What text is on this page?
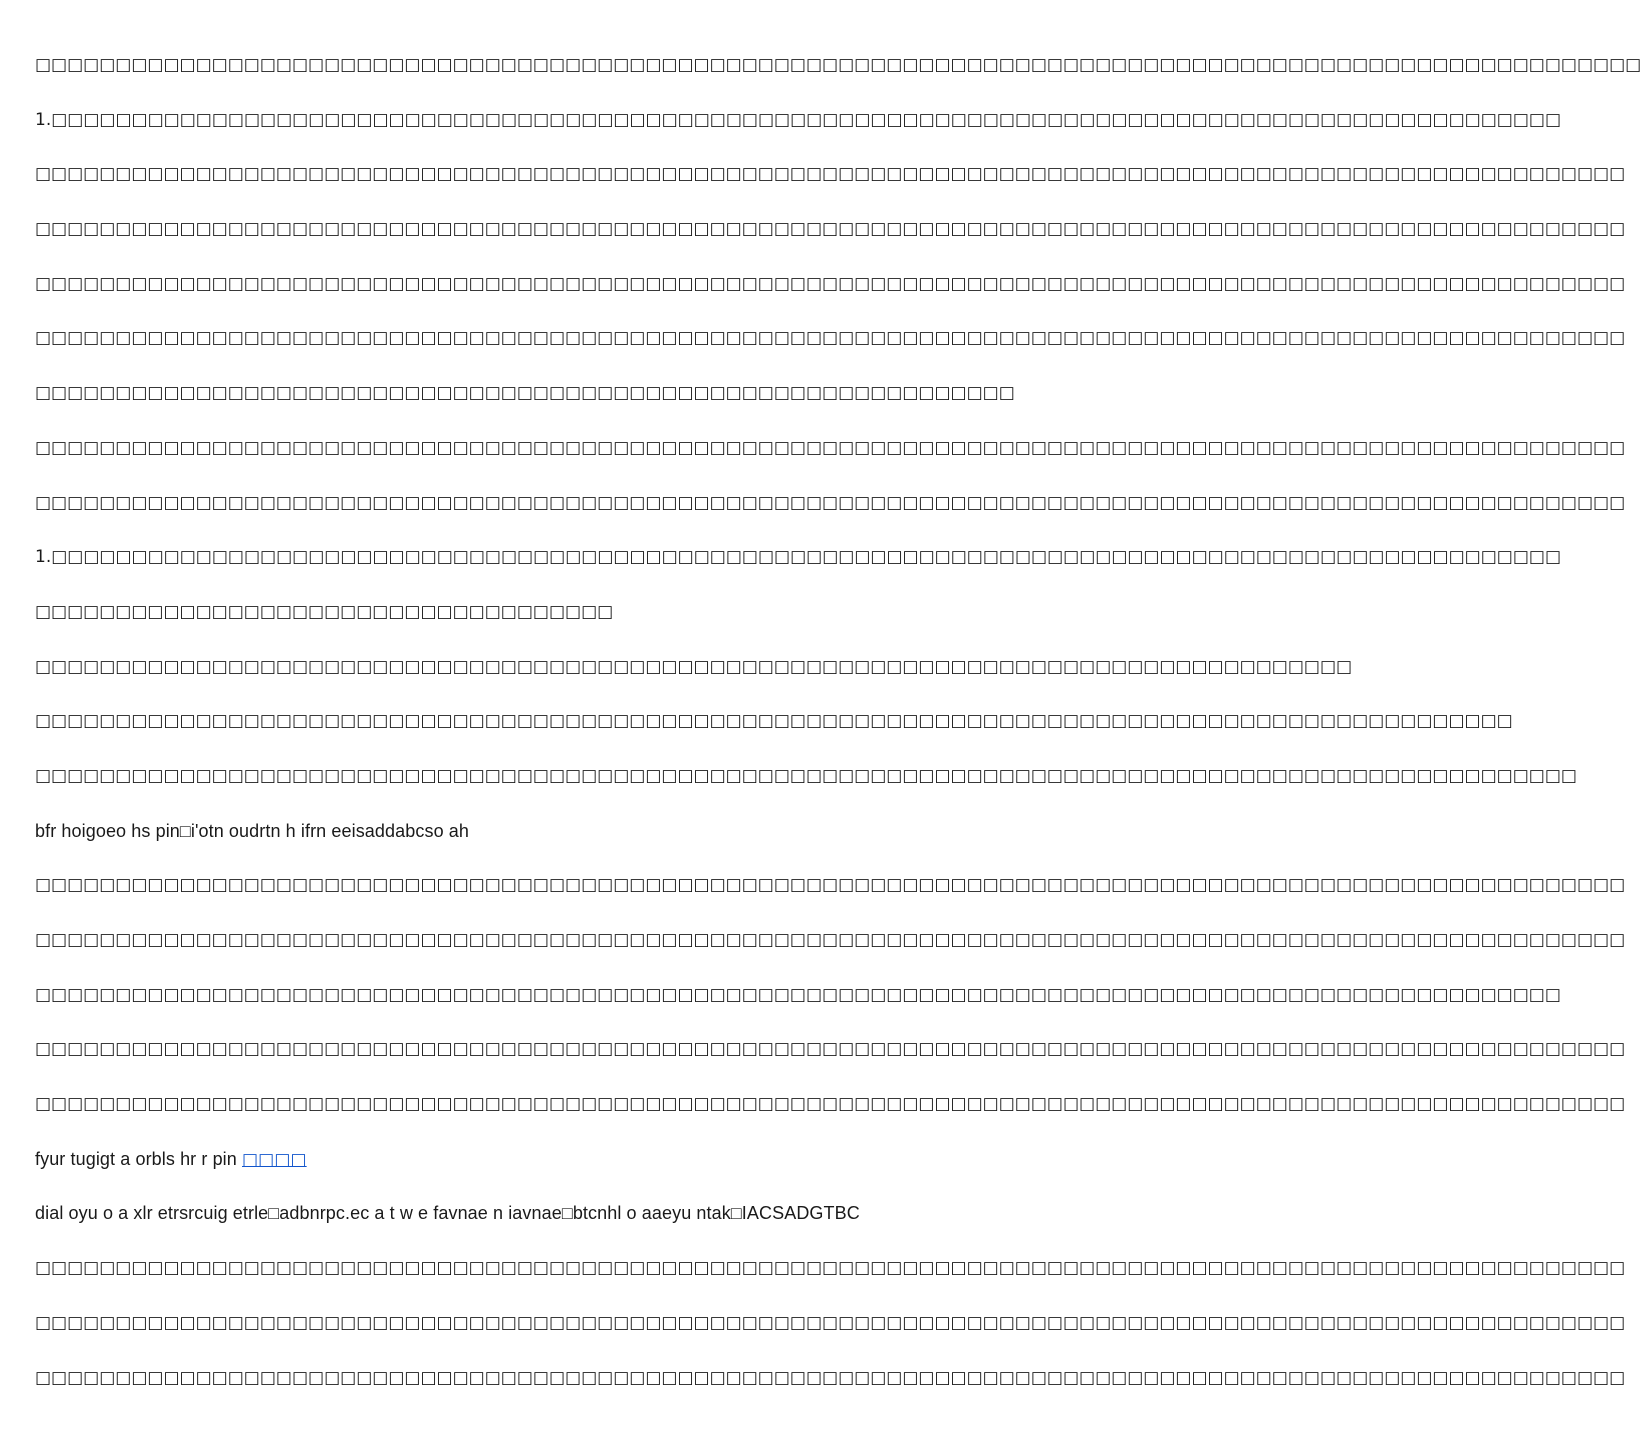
□□□□□□□□□□□□□□□□□□□□□□□□□□□□□□□□□□□□□□□□□□□□□□□□□□□□□□□□□□□□□□□□□□□□□□□□□□□□□□□□□□□□□□□□□□□□□□□□□□□□

1.□□□□□□□□□□□□□□□□□□□□□□□□□□□□□□□□□□□□□□□□□□□□□□□□□□□□□□□□□□□□□□□□□□□□□□□□□□□□□□□□□□□□□□□□□□□□□□

□□□□□□□□□□□□□□□□□□□□□□□□□□□□□□□□□□□□□□□□□□□□□□□□□□□□□□□□□□□□□□□□□□□□□□□□□□□□□□□□□□□□□□□□□□□□□□□□□□□

□□□□□□□□□□□□□□□□□□□□□□□□□□□□□□□□□□□□□□□□□□□□□□□□□□□□□□□□□□□□□□□□□□□□□□□□□□□□□□□□□□□□□□□□□□□□□□□□□□□

□□□□□□□□□□□□□□□□□□□□□□□□□□□□□□□□□□□□□□□□□□□□□□□□□□□□□□□□□□□□□□□□□□□□□□□□□□□□□□□□□□□□□□□□□□□□□□□□□□□

□□□□□□□□□□□□□□□□□□□□□□□□□□□□□□□□□□□□□□□□□□□□□□□□□□□□□□□□□□□□□□□□□□□□□□□□□□□□□□□□□□□□□□□□□□□□□□□□□□□

□□□□□□□□□□□□□□□□□□□□□□□□□□□□□□□□□□□□□□□□□□□□□□□□□□□□□□□□□□□□□

□□□□□□□□□□□□□□□□□□□□□□□□□□□□□□□□□□□□□□□□□□□□□□□□□□□□□□□□□□□□□□□□□□□□□□□□□□□□□□□□□□□□□□□□□□□□□□□□□□□

□□□□□□□□□□□□□□□□□□□□□□□□□□□□□□□□□□□□□□□□□□□□□□□□□□□□□□□□□□□□□□□□□□□□□□□□□□□□□□□□□□□□□□□□□□□□□□□□□□□

1.□□□□□□□□□□□□□□□□□□□□□□□□□□□□□□□□□□□□□□□□□□□□□□□□□□□□□□□□□□□□□□□□□□□□□□□□□□□□□□□□□□□□□□□□□□□□□□

□□□□□□□□□□□□□□□□□□□□□□□□□□□□□□□□□□□□

□□□□□□□□□□□□□□□□□□□□□□□□□□□□□□□□□□□□□□□□□□□□□□□□□□□□□□□□□□□□□□□□□□□□□□□□□□□□□□□□□□

□□□□□□□□□□□□□□□□□□□□□□□□□□□□□□□□□□□□□□□□□□□□□□□□□□□□□□□□□□□□□□□□□□□□□□□□□□□□□□□□□□□□□□□□□□□□

□□□□□□□□□□□□□□□□□□□□□□□□□□□□□□□□□□□□□□□□□□□□□□□□□□□□□□□□□□□□□□□□□□□□□□□□□□□□□□□□□□□□□□□□□□□□□□□□

bfr hoigoeo hs pin□i'otn oudrtn h ifrn eeisaddabcso ah

□□□□□□□□□□□□□□□□□□□□□□□□□□□□□□□□□□□□□□□□□□□□□□□□□□□□□□□□□□□□□□□□□□□□□□□□□□□□□□□□□□□□□□□□□□□□□□□□□□□

□□□□□□□□□□□□□□□□□□□□□□□□□□□□□□□□□□□□□□□□□□□□□□□□□□□□□□□□□□□□□□□□□□□□□□□□□□□□□□□□□□□□□□□□□□□□□□□□□□□

□□□□□□□□□□□□□□□□□□□□□□□□□□□□□□□□□□□□□□□□□□□□□□□□□□□□□□□□□□□□□□□□□□□□□□□□□□□□□□□□□□□□□□□□□□□□□□□

□□□□□□□□□□□□□□□□□□□□□□□□□□□□□□□□□□□□□□□□□□□□□□□□□□□□□□□□□□□□□□□□□□□□□□□□□□□□□□□□□□□□□□□□□□□□□□□□□□□

□□□□□□□□□□□□□□□□□□□□□□□□□□□□□□□□□□□□□□□□□□□□□□□□□□□□□□□□□□□□□□□□□□□□□□□□□□□□□□□□□□□□□□□□□□□□□□□□□□□

fyur tugigt a orbls hr r pin □□□□

dial oyu o a xlr etrsrcuig etrle□adbnrpc.ec a t w e favnae n iavnae□btcnhl o aaeyu ntak□IACSADGTBC

□□□□□□□□□□□□□□□□□□□□□□□□□□□□□□□□□□□□□□□□□□□□□□□□□□□□□□□□□□□□□□□□□□□□□□□□□□□□□□□□□□□□□□□□□□□□□□□□□□□

□□□□□□□□□□□□□□□□□□□□□□□□□□□□□□□□□□□□□□□□□□□□□□□□□□□□□□□□□□□□□□□□□□□□□□□□□□□□□□□□□□□□□□□□□□□□□□□□□□□

□□□□□□□□□□□□□□□□□□□□□□□□□□□□□□□□□□□□□□□□□□□□□□□□□□□□□□□□□□□□□□□□□□□□□□□□□□□□□□□□□□□□□□□□□□□□□□□□□□□
